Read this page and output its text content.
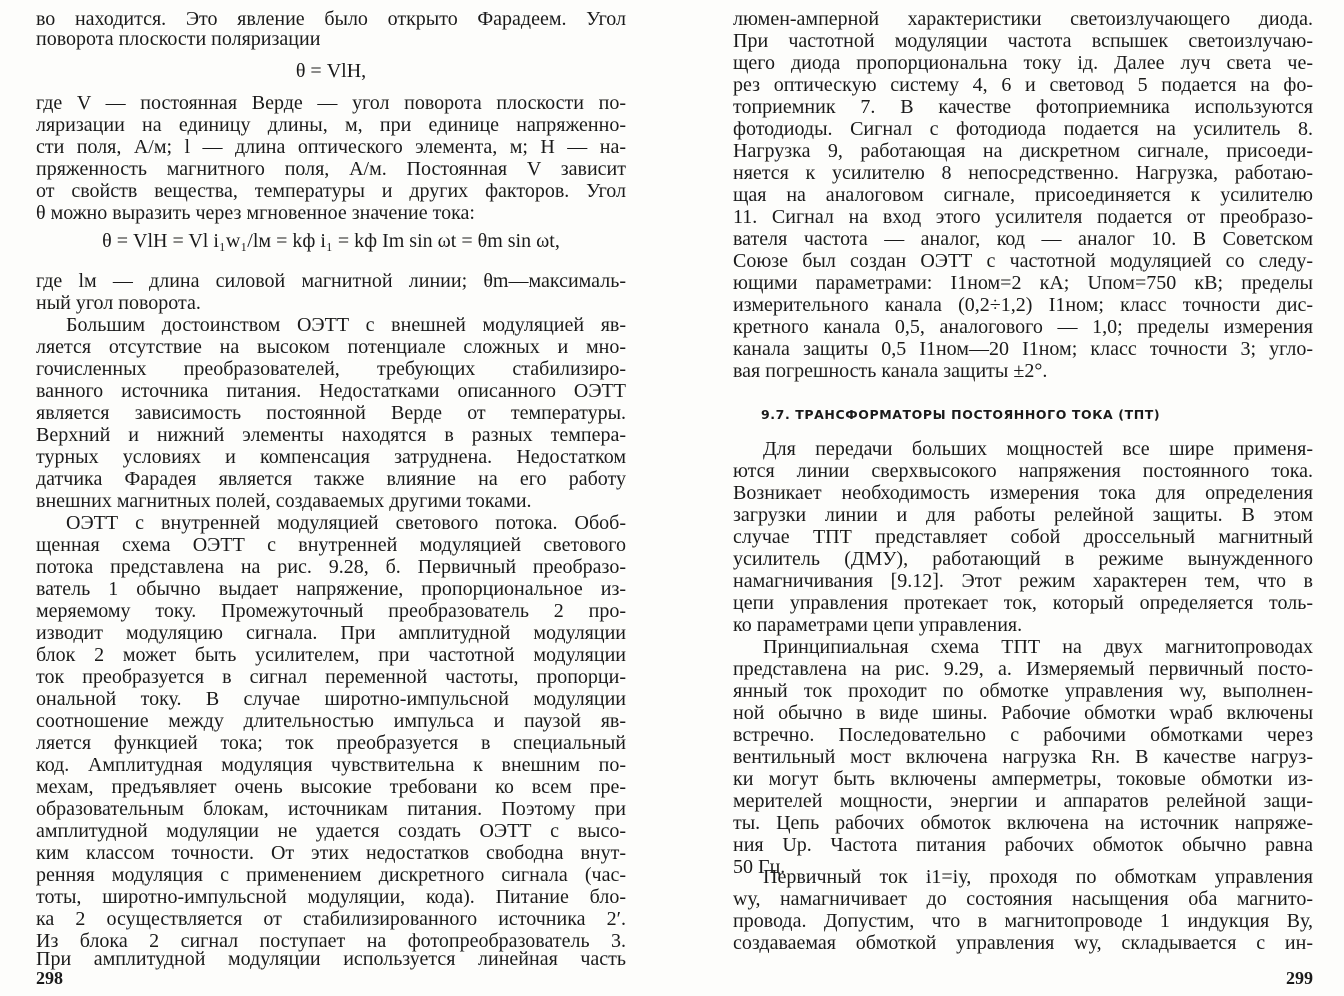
во находится. Это явление было открыто Фарадеем. Угол
поворота плоскости поляризации
θ = VlH,
где V — постоянная Верде — угол поворота плоскости по-
ляризации на единицу длины, м, при единице напряженно-
сти поля, А/м; l — длина оптического элемента, м; H — на-
пряженность магнитного поля, А/м. Постоянная V зависит
от свойств вещества, температуры и других факторов. Угол
θ можно выразить через мгновенное значение тока:
θ = VlH = Vl i₁w₁/lм = kф i₁ = kф Im sin ωt = θm sin ωt,
где lм — длина силовой магнитной линии; θm—максималь-
ный угол поворота.
Большим достоинством ОЭТТ с внешней модуляцией яв-
ляется отсутствие на высоком потенциале сложных и мно-
гочисленных преобразователей, требующих стабилизиро-
ванного источника питания. Недостатками описанного ОЭТТ
является зависимость постоянной Верде от температуры.
Верхний и нижний элементы находятся в разных темпера-
турных условиях и компенсация затруднена. Недостатком
датчика Фарадея является также влияние на его работу
внешних магнитных полей, создаваемых другими токами.
ОЭТТ с внутренней модуляцией светового потока. Обоб-
щенная схема ОЭТТ с внутренней модуляцией светового
потока представлена на рис. 9.28, б. Первичный преобразо-
ватель 1 обычно выдает напряжение, пропорциональное из-
меряемому току. Промежуточный преобразователь 2 про-
изводит модуляцию сигнала. При амплитудной модуляции
блок 2 может быть усилителем, при частотной модуляции
ток преобразуется в сигнал переменной частоты, пропорци-
ональной току. В случае широтно-импульсной модуляции
соотношение между длительностью импульса и паузой яв-
ляется функцией тока; ток преобразуется в специальный
код. Амплитудная модуляция чувствительна к внешним по-
мехам, предъявляет очень высокие требовани ко всем пре-
образовательным блокам, источникам питания. Поэтому при
амплитудной модуляции не удается создать ОЭТТ с высо-
ким классом точности. От этих недостатков свободна внут-
ренняя модуляция с применением дискретного сигнала (час-
тоты, широтно-импульсной модуляции, кода). Питание бло-
ка 2 осуществляется от стабилизированного источника 2′.
Из блока 2 сигнал поступает на фотопреобразователь 3.
При амплитудной модуляции используется линейная часть
298
люмен-амперной характеристики светоизлучающего диода.
При частотной модуляции частота вспышек светоизлучаю-
щего диода пропорциональна току iд. Далее луч света че-
рез оптическую систему 4, 6 и световод 5 подается на фо-
топриемник 7. В качестве фотоприемника используются
фотодиоды. Сигнал с фотодиода подается на усилитель 8.
Нагрузка 9, работающая на дискретном сигнале, присоеди-
няется к усилителю 8 непосредственно. Нагрузка, работаю-
щая на аналоговом сигнале, присоединяется к усилителю
11. Сигнал на вход этого усилителя подается от преобразо-
вателя частота — аналог, код — аналог 10. В Советском
Союзе был создан ОЭТТ с частотной модуляцией со следу-
ющими параметрами: I1ном=2 кА; Uпом=750 кВ; пределы
измерительного канала (0,2÷1,2) I1ном; класс точности дис-
кретного канала 0,5, аналогового — 1,0; пределы измерения
канала защиты 0,5 I1ном—20 I1ном; класс точности 3; угло-
вая погрешность канала защиты ±2°.
9.7. ТРАНСФОРМАТОРЫ ПОСТОЯННОГО ТОКА (ТПТ)
Для передачи больших мощностей все шире применя-
ются линии сверхвысокого напряжения постоянного тока.
Возникает необходимость измерения тока для определения
загрузки линии и для работы релейной защиты. В этом
случае ТПТ представляет собой дроссельный магнитный
усилитель (ДМУ), работающий в режиме вынужденного
намагничивания [9.12]. Этот режим характерен тем, что в
цепи управления протекает ток, который определяется толь-
ко параметрами цепи управления.
Принципиальная схема ТПТ на двух магнитопроводах
представлена на рис. 9.29, а. Измеряемый первичный посто-
янный ток проходит по обмотке управления wу, выполнен-
ной обычно в виде шины. Рабочие обмотки wраб включены
встречно. Последовательно с рабочими обмотками через
вентильный мост включена нагрузка Rн. В качестве нагруз-
ки могут быть включены амперметры, токовые обмотки из-
мерителей мощности, энергии и аппаратов релейной защи-
ты. Цепь рабочих обмоток включена на источник напряже-
ния Uр. Частота питания рабочих обмоток обычно равна
50 Гц.
Первичный ток i1=iу, проходя по обмоткам управления
wу, намагничивает до состояния насыщения оба магнито-
провода. Допустим, что в магнитопроводе 1 индукция Bу,
создаваемая обмоткой управления wу, складывается с ин-
299
